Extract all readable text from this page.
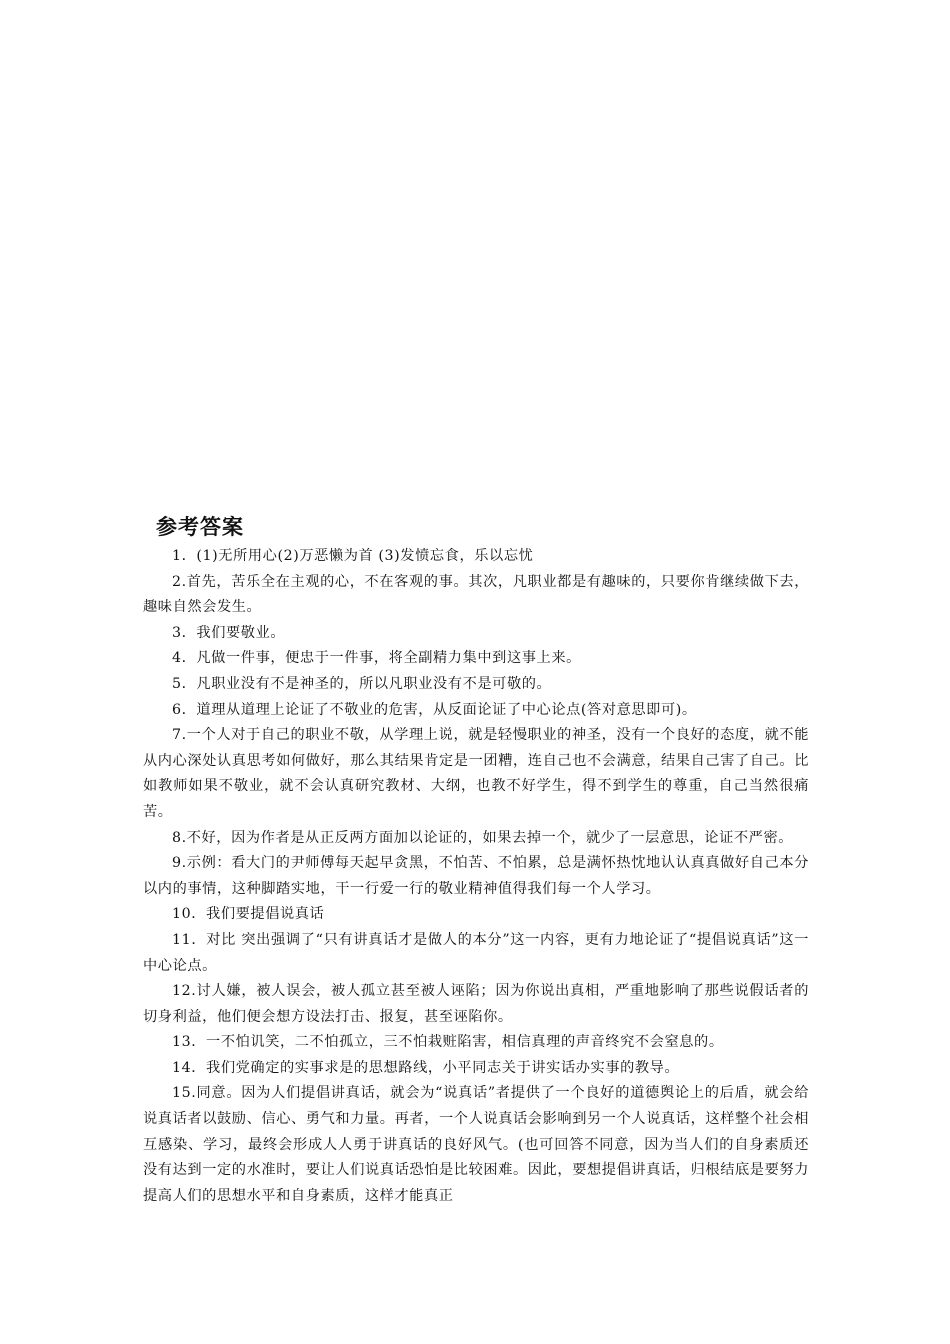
参考答案

1．(1)无所用心(2)万恶懒为首 (3)发愤忘食，乐以忘忧

2.首先，苦乐全在主观的心，不在客观的事。其次，凡职业都是有趣味的，只要你肯继续做下去，趣味自然会发生。

3．我们要敬业。

4．凡做一件事，便忠于一件事，将全副精力集中到这事上来。

5．凡职业没有不是神圣的，所以凡职业没有不是可敬的。

6．道理从道理上论证了不敬业的危害，从反面论证了中心论点(答对意思即可)。

7.一个人对于自己的职业不敬，从学理上说，就是轻慢职业的神圣，没有一个良好的态度，就不能从内心深处认真思考如何做好，那么其结果肯定是一团糟，连自己也不会满意，结果自己害了自己。比如教师如果不敬业，就不会认真研究教材、大纲，也教不好学生，得不到学生的尊重，自己当然很痛苦。

8.不好，因为作者是从正反两方面加以论证的，如果去掉一个，就少了一层意思，论证不严密。

9.示例：看大门的尹师傅每天起早贪黑，不怕苦、不怕累，总是满怀热忱地认认真真做好自己本分以内的事情，这种脚踏实地，干一行爱一行的敬业精神值得我们每一个人学习。

10．我们要提倡说真话

11．对比 突出强调了“只有讲真话才是做人的本分”这一内容，更有力地论证了“提倡说真话”这一中心论点。

12.讨人嫌，被人误会，被人孤立甚至被人诬陷；因为你说出真相，严重地影响了那些说假话者的切身利益，他们便会想方设法打击、报复，甚至诬陷你。

13．一不怕讥笑，二不怕孤立，三不怕栽赃陷害，相信真理的声音终究不会窒息的。

14．我们党确定的实事求是的思想路线，小平同志关于讲实话办实事的教导。

15.同意。因为人们提倡讲真话，就会为“说真话”者提供了一个良好的道德舆论上的后盾，就会给说真话者以鼓励、信心、勇气和力量。再者，一个人说真话会影响到另一个人说真话，这样整个社会相互感染、学习，最终会形成人人勇于讲真话的良好风气。(也可回答不同意，因为当人们的自身素质还没有达到一定的水准时，要让人们说真话恐怕是比较困难。因此，要想提倡讲真话，归根结底是要努力提高人们的思想水平和自身素质，这样才能真正
